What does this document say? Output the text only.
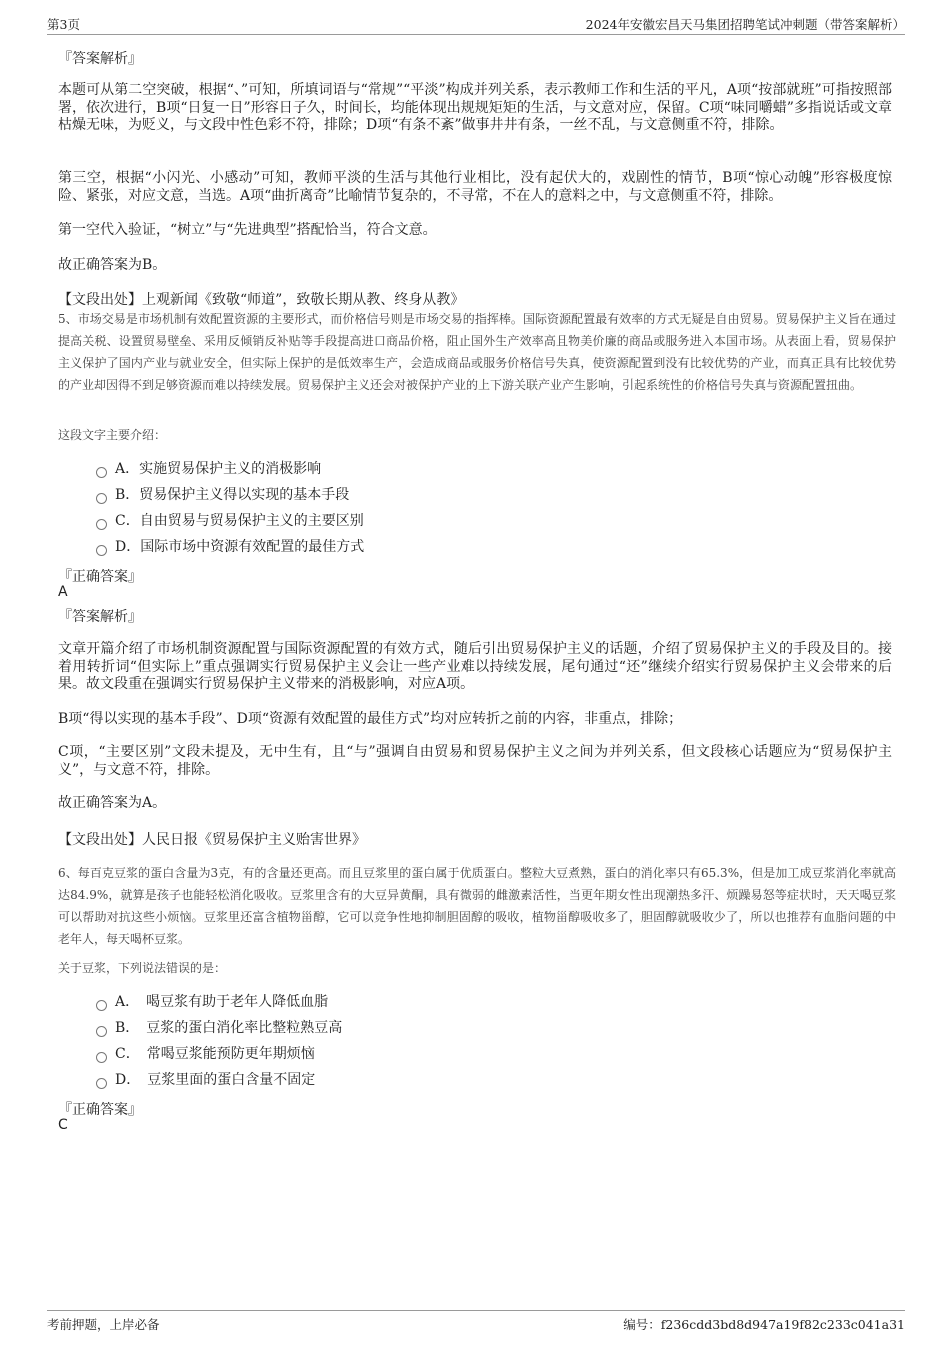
第3页	2024年安徽宏昌天马集团招聘笔试冲刺题（带答案解析）
『答案解析』

本题可从第二空突破，根据“、”可知，所填词语与“常规”“平淡”构成并列关系，表示教师工作和生活的平凡，A项“按部就班”可指按照部署，依次进行，B项“日复一日”形容日子久，时间长，均能体现出规规矩矩的生活，与文意对应，保留。C项“味同嚼蜡”多指说话或文章枯燥无味，为贬义，与文段中性色彩不符，排除；D项“有条不紊”做事井井有条，一丝不乱，与文意侧重不符，排除。

第三空，根据“小闪光、小感动”可知，教师平淡的生活与其他行业相比，没有起伏大的，戏剧性的情节，B项“惊心动魄”形容极度惊险、紧张，对应文意，当选。A项“曲折离奇”比喻情节复杂的，不寻常，不在人的意料之中，与文意侧重不符，排除。

第一空代入验证，“树立”与“先进典型”搭配恰当，符合文意。

故正确答案为B。

【文段出处】上观新闻《致敬“师道”，致敬长期从教、终身从教》

5、市场交易是市场机制有效配置资源的主要形式，而价格信号则是市场交易的指挥棒。国际资源配置最有效率的方式无疑是自由贸易。贸易保护主义旨在通过提高关税、设置贸易壁垒、采用反倾销反补贴等手段提高进口商品价格，阻止国外生产效率高且物美价廉的商品或服务进入本国市场。从表面上看，贸易保护主义保护了国内产业与就业安全，但实际上保护的是低效率生产，会造成商品或服务价格信号失真，使资源配置到没有比较优势的产业，而真正具有比较优势的产业却因得不到足够资源而难以持续发展。贸易保护主义还会对被保护产业的上下游关联产业产生影响，引起系统性的价格信号失真与资源配置扭曲。

这段文字主要介绍：
A．实施贸易保护主义的消极影响
B．贸易保护主义得以实现的基本手段
C．自由贸易与贸易保护主义的主要区别
D．国际市场中资源有效配置的最佳方式
『正确答案』
A
『答案解析』

文章开篇介绍了市场机制资源配置与国际资源配置的有效方式，随后引出贸易保护主义的话题，介绍了贸易保护主义的手段及目的。接着用转折词“但实际上”重点强调实行贸易保护主义会让一些产业难以持续发展，尾句通过“还”继续介绍实行贸易保护主义会带来的后果。故文段重在强调实行贸易保护主义带来的消极影响，对应A项。

B项“得以实现的基本手段”、D项“资源有效配置的最佳方式”均对应转折之前的内容，非重点，排除；

C项，“主要区别”文段未提及，无中生有，且“与”强调自由贸易和贸易保护主义之间为并列关系，但文段核心话题应为“贸易保护主义”，与文意不符，排除。

故正确答案为A。

【文段出处】人民日报《贸易保护主义贻害世界》

6、每百克豆浆的蛋白含量为3克，有的含量还更高。而且豆浆里的蛋白属于优质蛋白。整粒大豆煮熟，蛋白的消化率只有65.3%，但是加工成豆浆消化率就高达84.9%，就算是孩子也能轻松消化吸收。豆浆里含有的大豆异黄酮，具有微弱的雌激素活性，当更年期女性出现潮热多汗、烦躁易怒等症状时，天天喝豆浆可以帮助对抗这些小烦恼。豆浆里还富含植物甾醇，它可以竞争性地抑制胆固醇的吸收，植物甾醇吸收多了，胆固醇就吸收少了，所以也推荐有血脂问题的中老年人，每天喝杯豆浆。

关于豆浆，下列说法错误的是：
A．　喝豆浆有助于老年人降低血脂
B．　豆浆的蛋白消化率比整粒熟豆高
C．　常喝豆浆能预防更年期烦恼
D．　豆浆里面的蛋白含量不固定
『正确答案』
C
考前押题，上岸必备	编号：f236cdd3bd8d947a19f82c233c041a31
